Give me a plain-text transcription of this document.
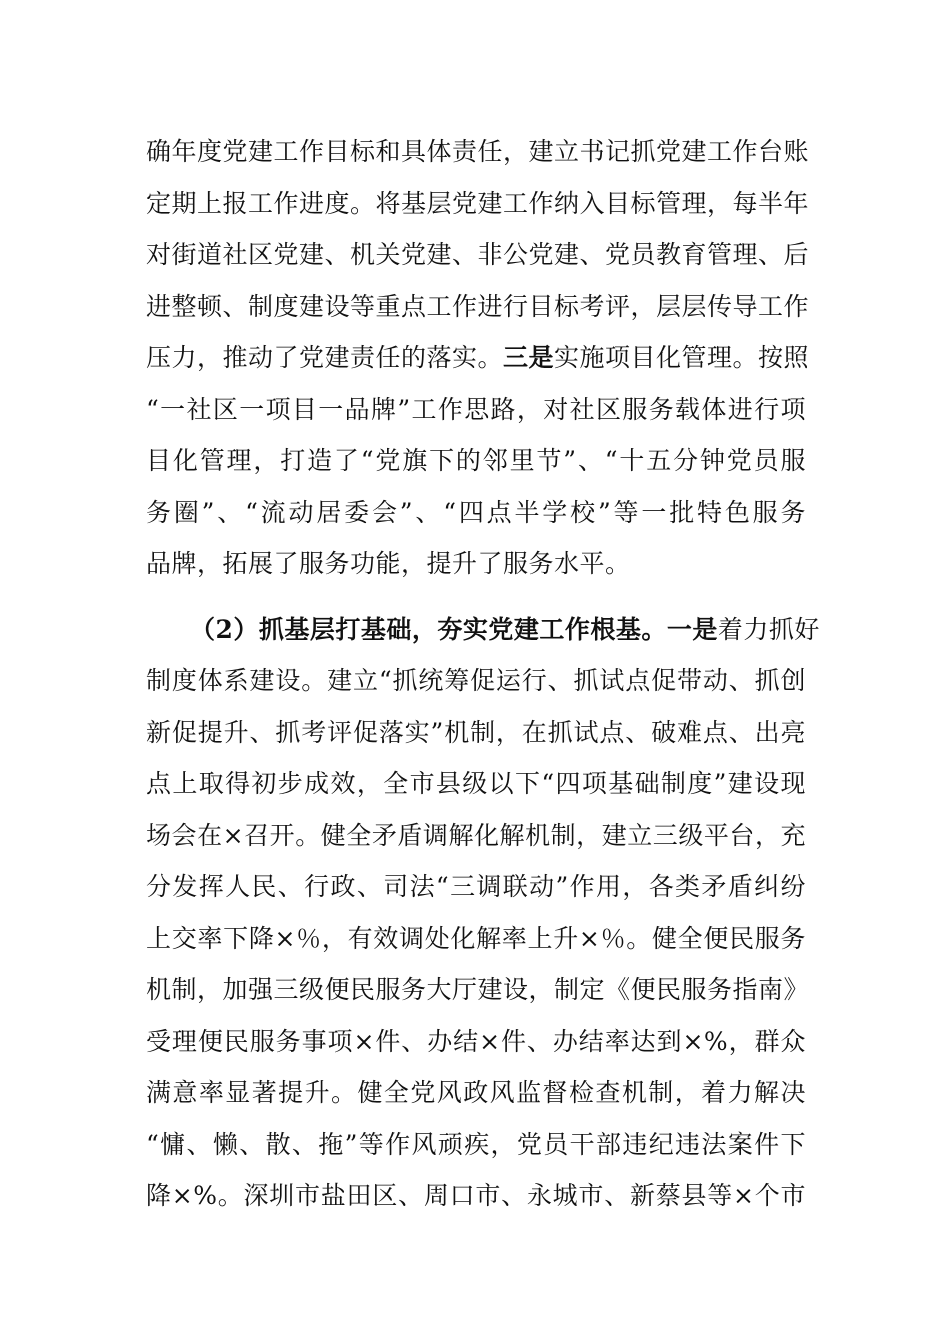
确年度党建工作目标和具体责任，建立书记抓党建工作台账
定期上报工作进度。将基层党建工作纳入目标管理，每半年
对街道社区党建、机关党建、非公党建、党员教育管理、后
进整顿、制度建设等重点工作进行目标考评，层层传导工作
压力，推动了党建责任的落实。三是实施项目化管理。按照
“一社区一项目一品牌”工作思路，对社区服务载体进行项
目化管理，打造了“党旗下的邻里节”、“十五分钟党员服
务圈”、“流动居委会”、“四点半学校”等一批特色服务
品牌，拓展了服务功能，提升了服务水平。
（2）抓基层打基础，夯实党建工作根基。一是着力抓好
制度体系建设。建立“抓统筹促运行、抓试点促带动、抓创
新促提升、抓考评促落实”机制，在抓试点、破难点、出亮
点上取得初步成效，全市县级以下“四项基础制度”建设现
场会在×召开。健全矛盾调解化解机制，建立三级平台，充
分发挥人民、行政、司法“三调联动”作用，各类矛盾纠纷
上交率下降×％，有效调处化解率上升×％。健全便民服务
机制，加强三级便民服务大厅建设，制定《便民服务指南》
受理便民服务事项×件、办结×件、办结率达到×%，群众
满意率显著提升。健全党风政风监督检查机制，着力解决
“慵、懒、散、拖”等作风顽疾，党员干部违纪违法案件下
降×%。深圳市盐田区、周口市、永城市、新蔡县等×个市
